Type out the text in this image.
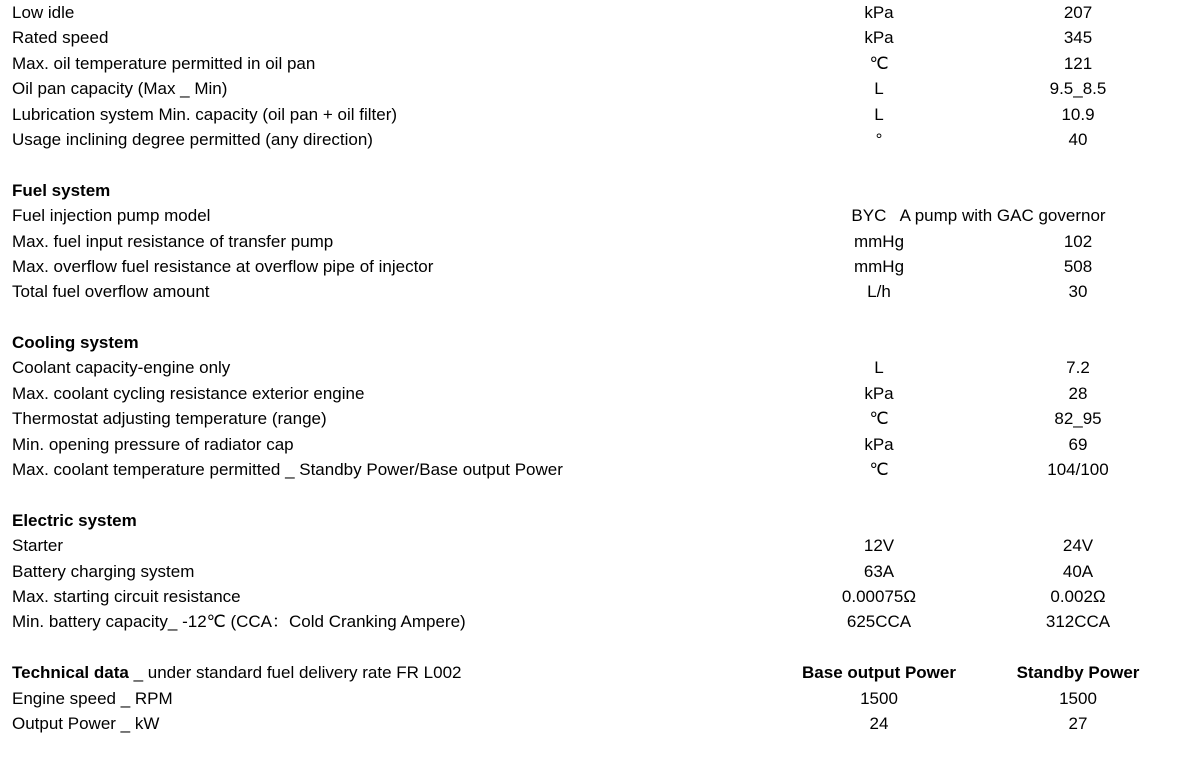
Low idle	kPa	207
Rated speed	kPa	345
Max. oil temperature permitted in oil pan	℃	121
Oil pan capacity (Max _ Min)	L	9.5_8.5
Lubrication system Min. capacity (oil pan + oil filter)	L	10.9
Usage inclining degree permitted (any direction)	°	40
Fuel system
Fuel injection pump model	BYC   A pump with GAC governor
Max. fuel input resistance of transfer pump	mmHg	102
Max. overflow fuel resistance at overflow pipe of injector	mmHg	508
Total fuel overflow amount	L/h	30
Cooling system
Coolant capacity-engine only	L	7.2
Max. coolant cycling resistance exterior engine	kPa	28
Thermostat adjusting temperature (range)	℃	82_95
Min. opening pressure of radiator cap	kPa	69
Max. coolant temperature permitted _ Standby Power/Base output Power	℃	104/100
Electric system
Starter	12V	24V
Battery charging system	63A	40A
Max. starting circuit resistance	0.00075Ω	0.002Ω
Min. battery capacity_ -12℃ (CCA：Cold Cranking Ampere)	625CCA	312CCA
Technical data _ under standard fuel delivery rate FR L002	Base output Power	Standby Power
Engine speed _ RPM	1500	1500
Output Power _ kW	24	27
